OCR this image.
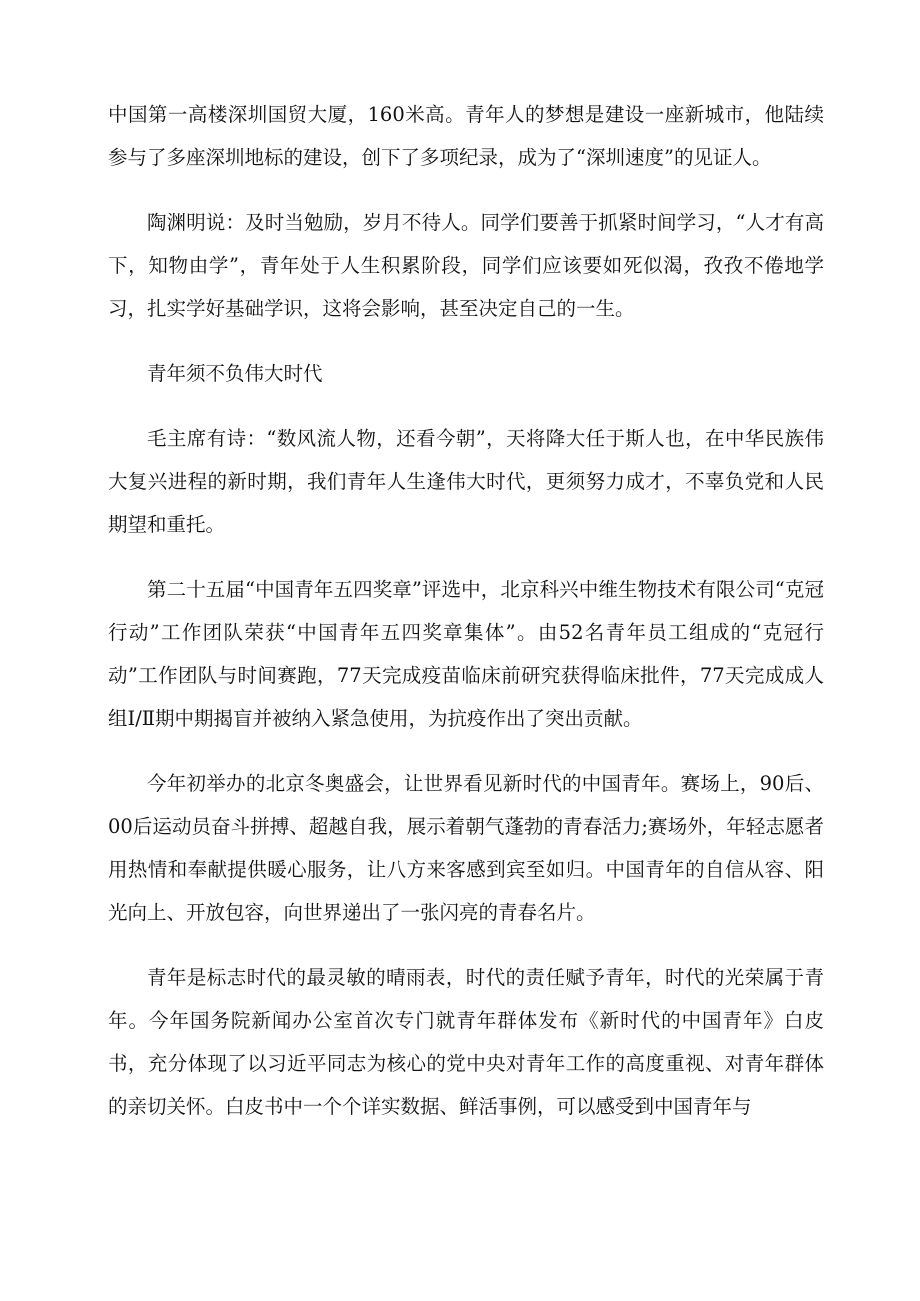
中国第一高楼深圳国贸大厦，160米高。青年人的梦想是建设一座新城市，他陆续参与了多座深圳地标的建设，创下了多项纪录，成为了“深圳速度”的见证人。

陶渊明说：及时当勉励，岁月不待人。同学们要善于抓紧时间学习，“人才有高下，知物由学”，青年处于人生积累阶段，同学们应该要如死似渴，孜孜不倦地学习，扎实学好基础学识，这将会影响，甚至决定自己的一生。

青年须不负伟大时代

毛主席有诗：“数风流人物，还看今朝”，天将降大任于斯人也，在中华民族伟大复兴进程的新时期，我们青年人生逢伟大时代，更须努力成才，不辜负党和人民期望和重托。

第二十五届“中国青年五四奖章”评选中，北京科兴中维生物技术有限公司“克冠行动”工作团队荣获“中国青年五四奖章集体”。由52名青年员工组成的“克冠行动”工作团队与时间赛跑，77天完成疫苗临床前研究获得临床批件，77天完成成人组Ⅰ/Ⅱ期中期揭盲并被纳入紧急使用，为抗疫作出了突出贡献。

今年初举办的北京冬奥盛会，让世界看见新时代的中国青年。赛场上，90后、00后运动员奋斗拼搏、超越自我，展示着朝气蓬勃的青春活力;赛场外，年轻志愿者用热情和奉献提供暖心服务，让八方来客感到宾至如归。中国青年的自信从容、阳光向上、开放包容，向世界递出了一张闪亮的青春名片。

青年是标志时代的最灵敏的晴雨表，时代的责任赋予青年，时代的光荣属于青年。今年国务院新闻办公室首次专门就青年群体发布《新时代的中国青年》白皮书，充分体现了以习近平同志为核心的党中央对青年工作的高度重视、对青年群体的亲切关怀。白皮书中一个个详实数据、鲜活事例，可以感受到中国青年与
